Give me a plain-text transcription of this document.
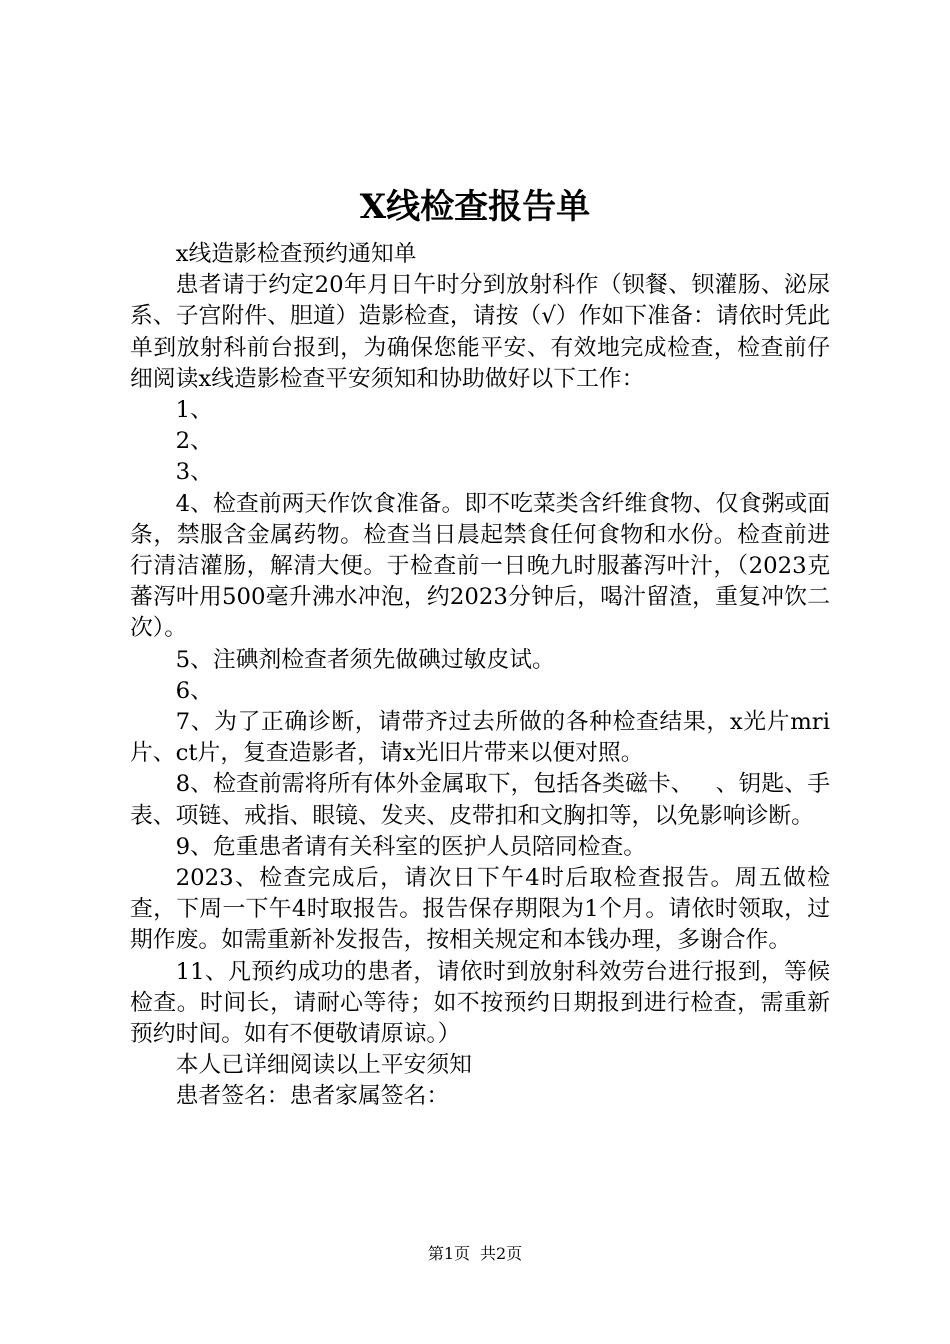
X线检查报告单

x线造影检查预约通知单

患者请于约定20年月日午时分到放射科作（钡餐、钡灌肠、泌尿系、子宫附件、胆道）造影检查，请按（√）作如下准备：请依时凭此单到放射科前台报到，为确保您能平安、有效地完成检查，检查前仔细阅读x线造影检查平安须知和协助做好以下工作：

1、

2、

3、

4、检查前两天作饮食准备。即不吃菜类含纤维食物、仅食粥或面条，禁服含金属药物。检查当日晨起禁食任何食物和水份。检查前进行清洁灌肠，解清大便。于检查前一日晚九时服蕃泻叶汁，（2023克蕃泻叶用500毫升沸水冲泡，约2023分钟后，喝汁留渣，重复冲饮二次）。

5、注碘剂检查者须先做碘过敏皮试。

6、

7、为了正确诊断，请带齐过去所做的各种检查结果，x光片mri片、ct片，复查造影者，请x光旧片带来以便对照。

8、检查前需将所有体外金属取下，包括各类磁卡、   、钥匙、手表、项链、戒指、眼镜、发夹、皮带扣和文胸扣等，以免影响诊断。

9、危重患者请有关科室的医护人员陪同检查。

2023、检查完成后，请次日下午4时后取检查报告。周五做检查，下周一下午4时取报告。报告保存期限为1个月。请依时领取，过期作废。如需重新补发报告，按相关规定和本钱办理，多谢合作。

11、凡预约成功的患者，请依时到放射科效劳台进行报到，等候检查。时间长，请耐心等待；如不按预约日期报到进行检查，需重新预约时间。如有不便敬请原谅。）

本人已详细阅读以上平安须知

患者签名：患者家属签名：

第1页 共2页
